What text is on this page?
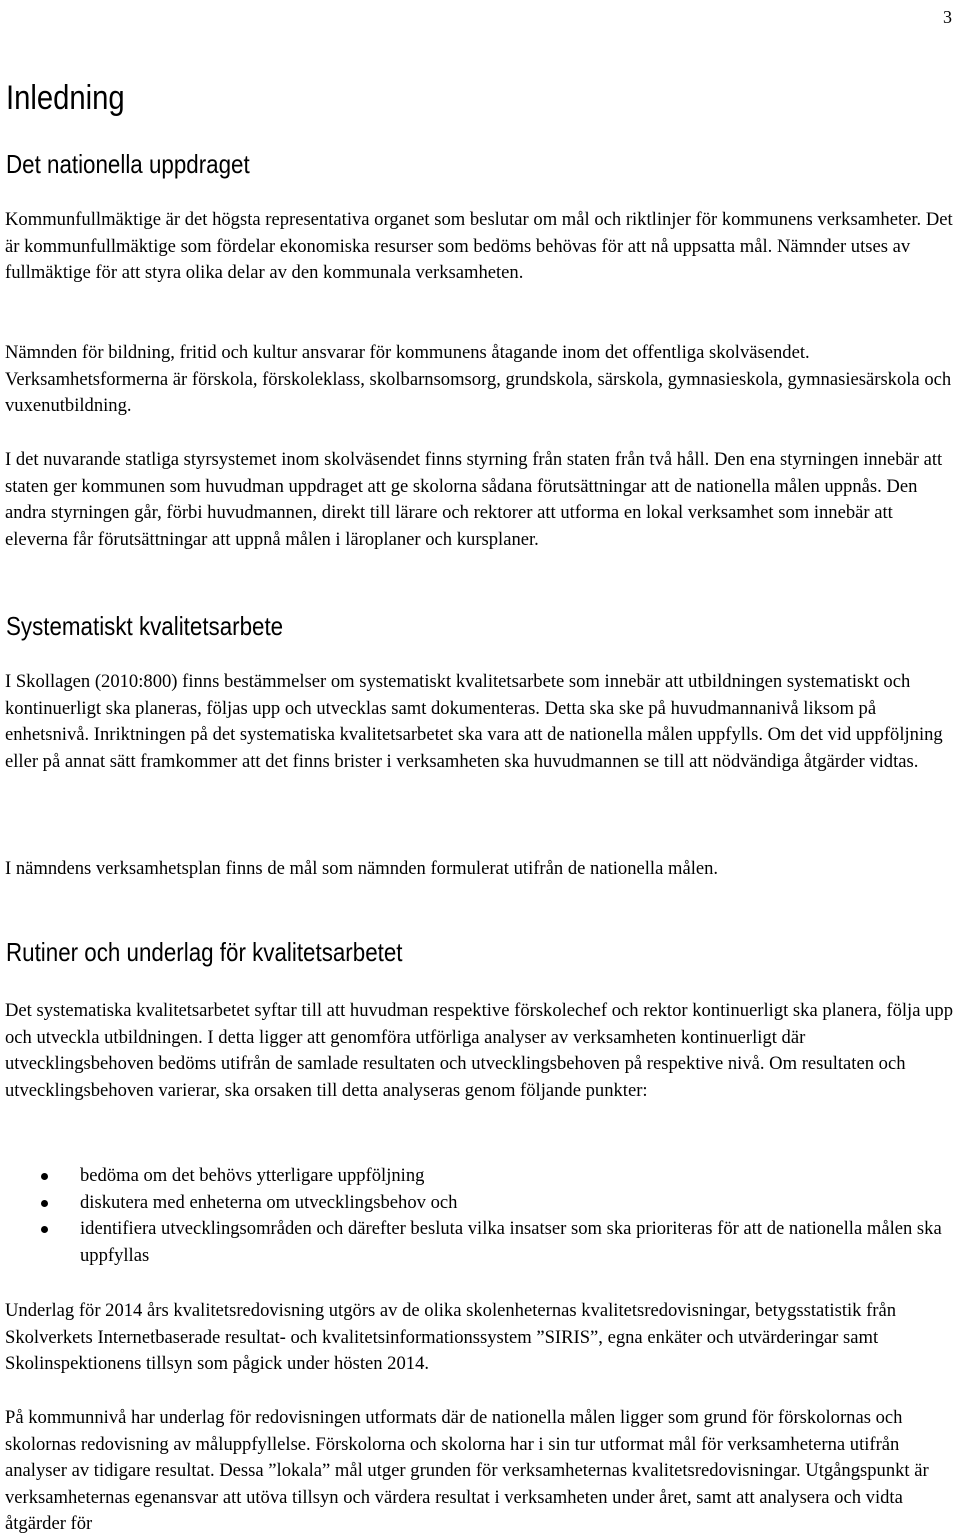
3
Inledning
Det nationella uppdraget

Kommunfullmäktige är det högsta representativa organet som beslutar om mål och riktlinjer för kommunens verksamheter. Det är kommunfullmäktige som fördelar ekonomiska resurser som bedöms behövas för att nå uppsatta mål. Nämnder utses av fullmäktige för att styra olika delar av den kommunala verksamheten.

Nämnden för bildning, fritid och kultur ansvarar för kommunens åtagande inom det offentliga skolväsendet. Verksamhetsformerna är förskola, förskoleklass, skolbarnsomsorg, grundskola, särskola, gymnasieskola, gymnasiesärskola och vuxenutbildning.

I det nuvarande statliga styrsystemet inom skolväsendet finns styrning från staten från två håll. Den ena styrningen innebär att staten ger kommunen som huvudman uppdraget att ge skolorna sådana förutsättningar att de nationella målen uppnås. Den andra styrningen går, förbi huvudmannen, direkt till lärare och rektorer att utforma en lokal verksamhet som innebär att eleverna får förutsättningar att uppnå målen i läroplaner och kursplaner.

Systematiskt kvalitetsarbete

I Skollagen (2010:800) finns bestämmelser om systematiskt kvalitetsarbete som innebär att utbildningen systematiskt och kontinuerligt ska planeras, följas upp och utvecklas samt dokumenteras. Detta ska ske på huvudmannanivå liksom på enhetsnivå. Inriktningen på det systematiska kvalitetsarbetet ska vara att de nationella målen uppfylls. Om det vid uppföljning eller på annat sätt framkommer att det finns brister i verksamheten ska huvudmannen se till att nödvändiga åtgärder vidtas.

I nämndens verksamhetsplan finns de mål som nämnden formulerat utifrån de nationella målen.

Rutiner och underlag för kvalitetsarbetet

Det systematiska kvalitetsarbetet syftar till att huvudman respektive förskolechef och rektor kontinuerligt ska planera, följa upp och utveckla utbildningen. I detta ligger att genomföra utförliga analyser av verksamheten kontinuerligt där utvecklingsbehoven bedöms utifrån de samlade resultaten och utvecklingsbehoven på respektive nivå. Om resultaten och utvecklingsbehoven varierar, ska orsaken till detta analyseras genom följande punkter:

bedöma om det behövs ytterligare uppföljning
diskutera med enheterna om utvecklingsbehov och
identifiera utvecklingsområden och därefter besluta vilka insatser som ska prioriteras för att de nationella målen ska uppfyllas

Underlag för 2014 års kvalitetsredovisning utgörs av de olika skolenheternas kvalitetsredovisningar, betygsstatistik från Skolverkets Internetbaserade resultat- och kvalitetsinformationssystem ”SIRIS”, egna enkäter och utvärderingar samt Skolinspektionens tillsyn som pågick under hösten 2014.

På kommunnivå har underlag för redovisningen utformats där de nationella målen ligger som grund för förskolornas och skolornas redovisning av måluppfyllelse. Förskolorna och skolorna har i sin tur utformat mål för verksamheterna utifrån analyser av tidigare resultat. Dessa ”lokala” mål utger grunden för verksamheternas kvalitetsredovisningar. Utgångspunkt är verksamheternas egenansvar att utöva tillsyn och värdera resultat i verksamheten under året, samt att analysera och vidta åtgärder för
